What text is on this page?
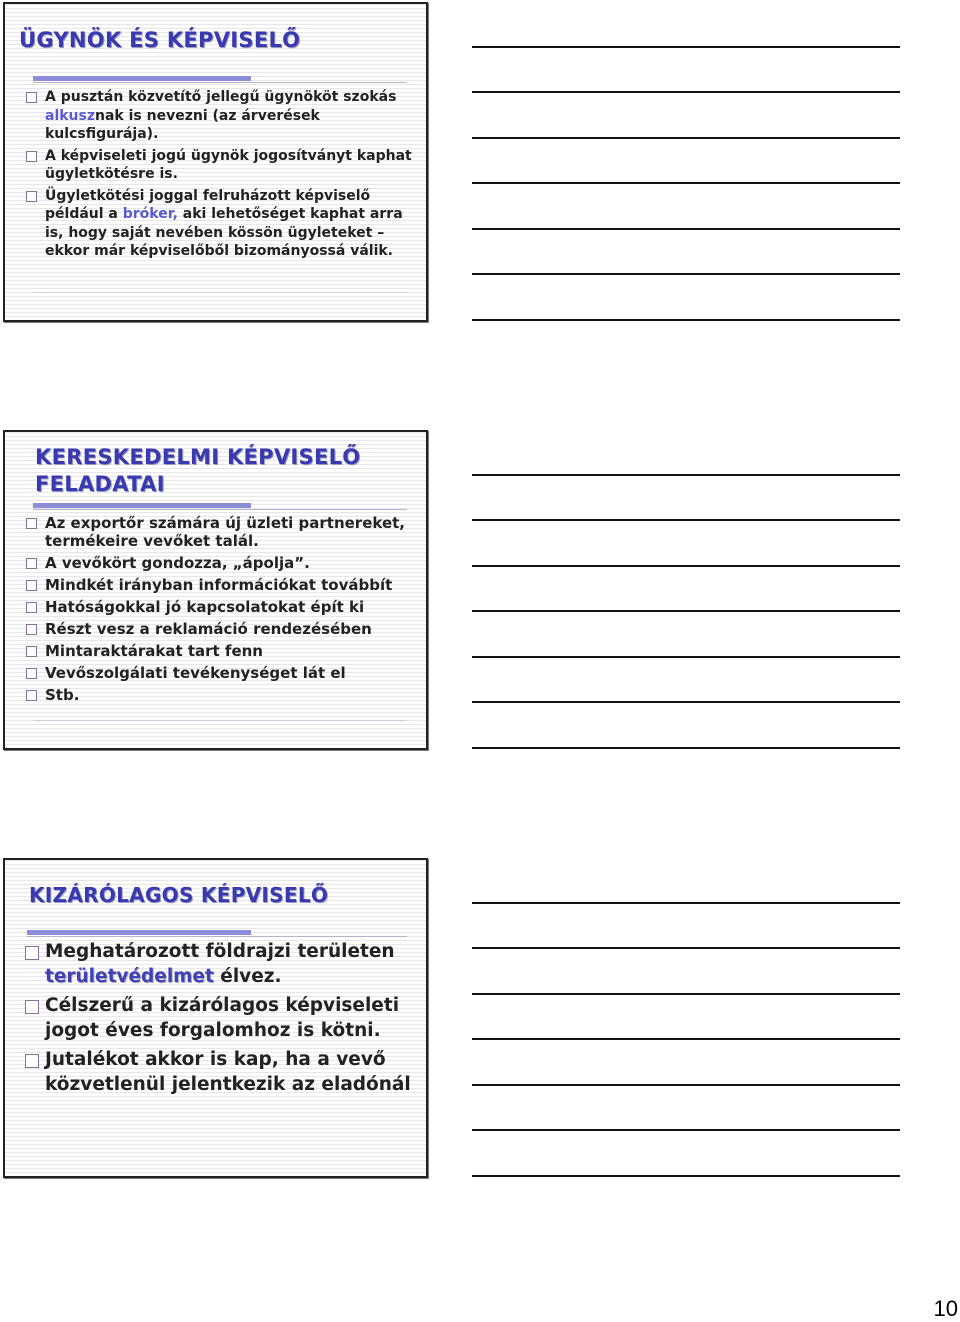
ÜGYNÖK ÉS KÉPVISELŐ
A pusztán közvetítő jellegű ügynököt szokás alkusznak is nevezni (az árverések kulcsfigurája).
A képviseleti jogú ügynök jogosítványt kaphat ügyletkötésre is.
Ügyletkötési joggal felruházott képviselő például a bróker, aki lehetőséget kaphat arra is, hogy saját nevében kössön ügyleteket – ekkor már képviselőből bizományossá válik.
KERESKEDELMI KÉPVISELŐ FELADATAI
Az exportőr számára új üzleti partnereket, termékeire vevőket talál.
A vevőkört gondozza, „ápolja”.
Mindkét irányban információkat továbbít
Hatóságokkal jó kapcsolatokat épít ki
Részt vesz a reklamáció rendezésében
Mintaraktárakat tart fenn
Vevőszolgálati tevékenységet lát el
Stb.
KIZÁRÓLAGOS KÉPVISELŐ
Meghatározott földrajzi területen területvédelmet élvez.
Célszerű a kizárólagos képviseleti jogot éves forgalomhoz is kötni.
Jutalékot akkor is kap, ha a vevő közvetlenül jelentkezik az eladónál
10
